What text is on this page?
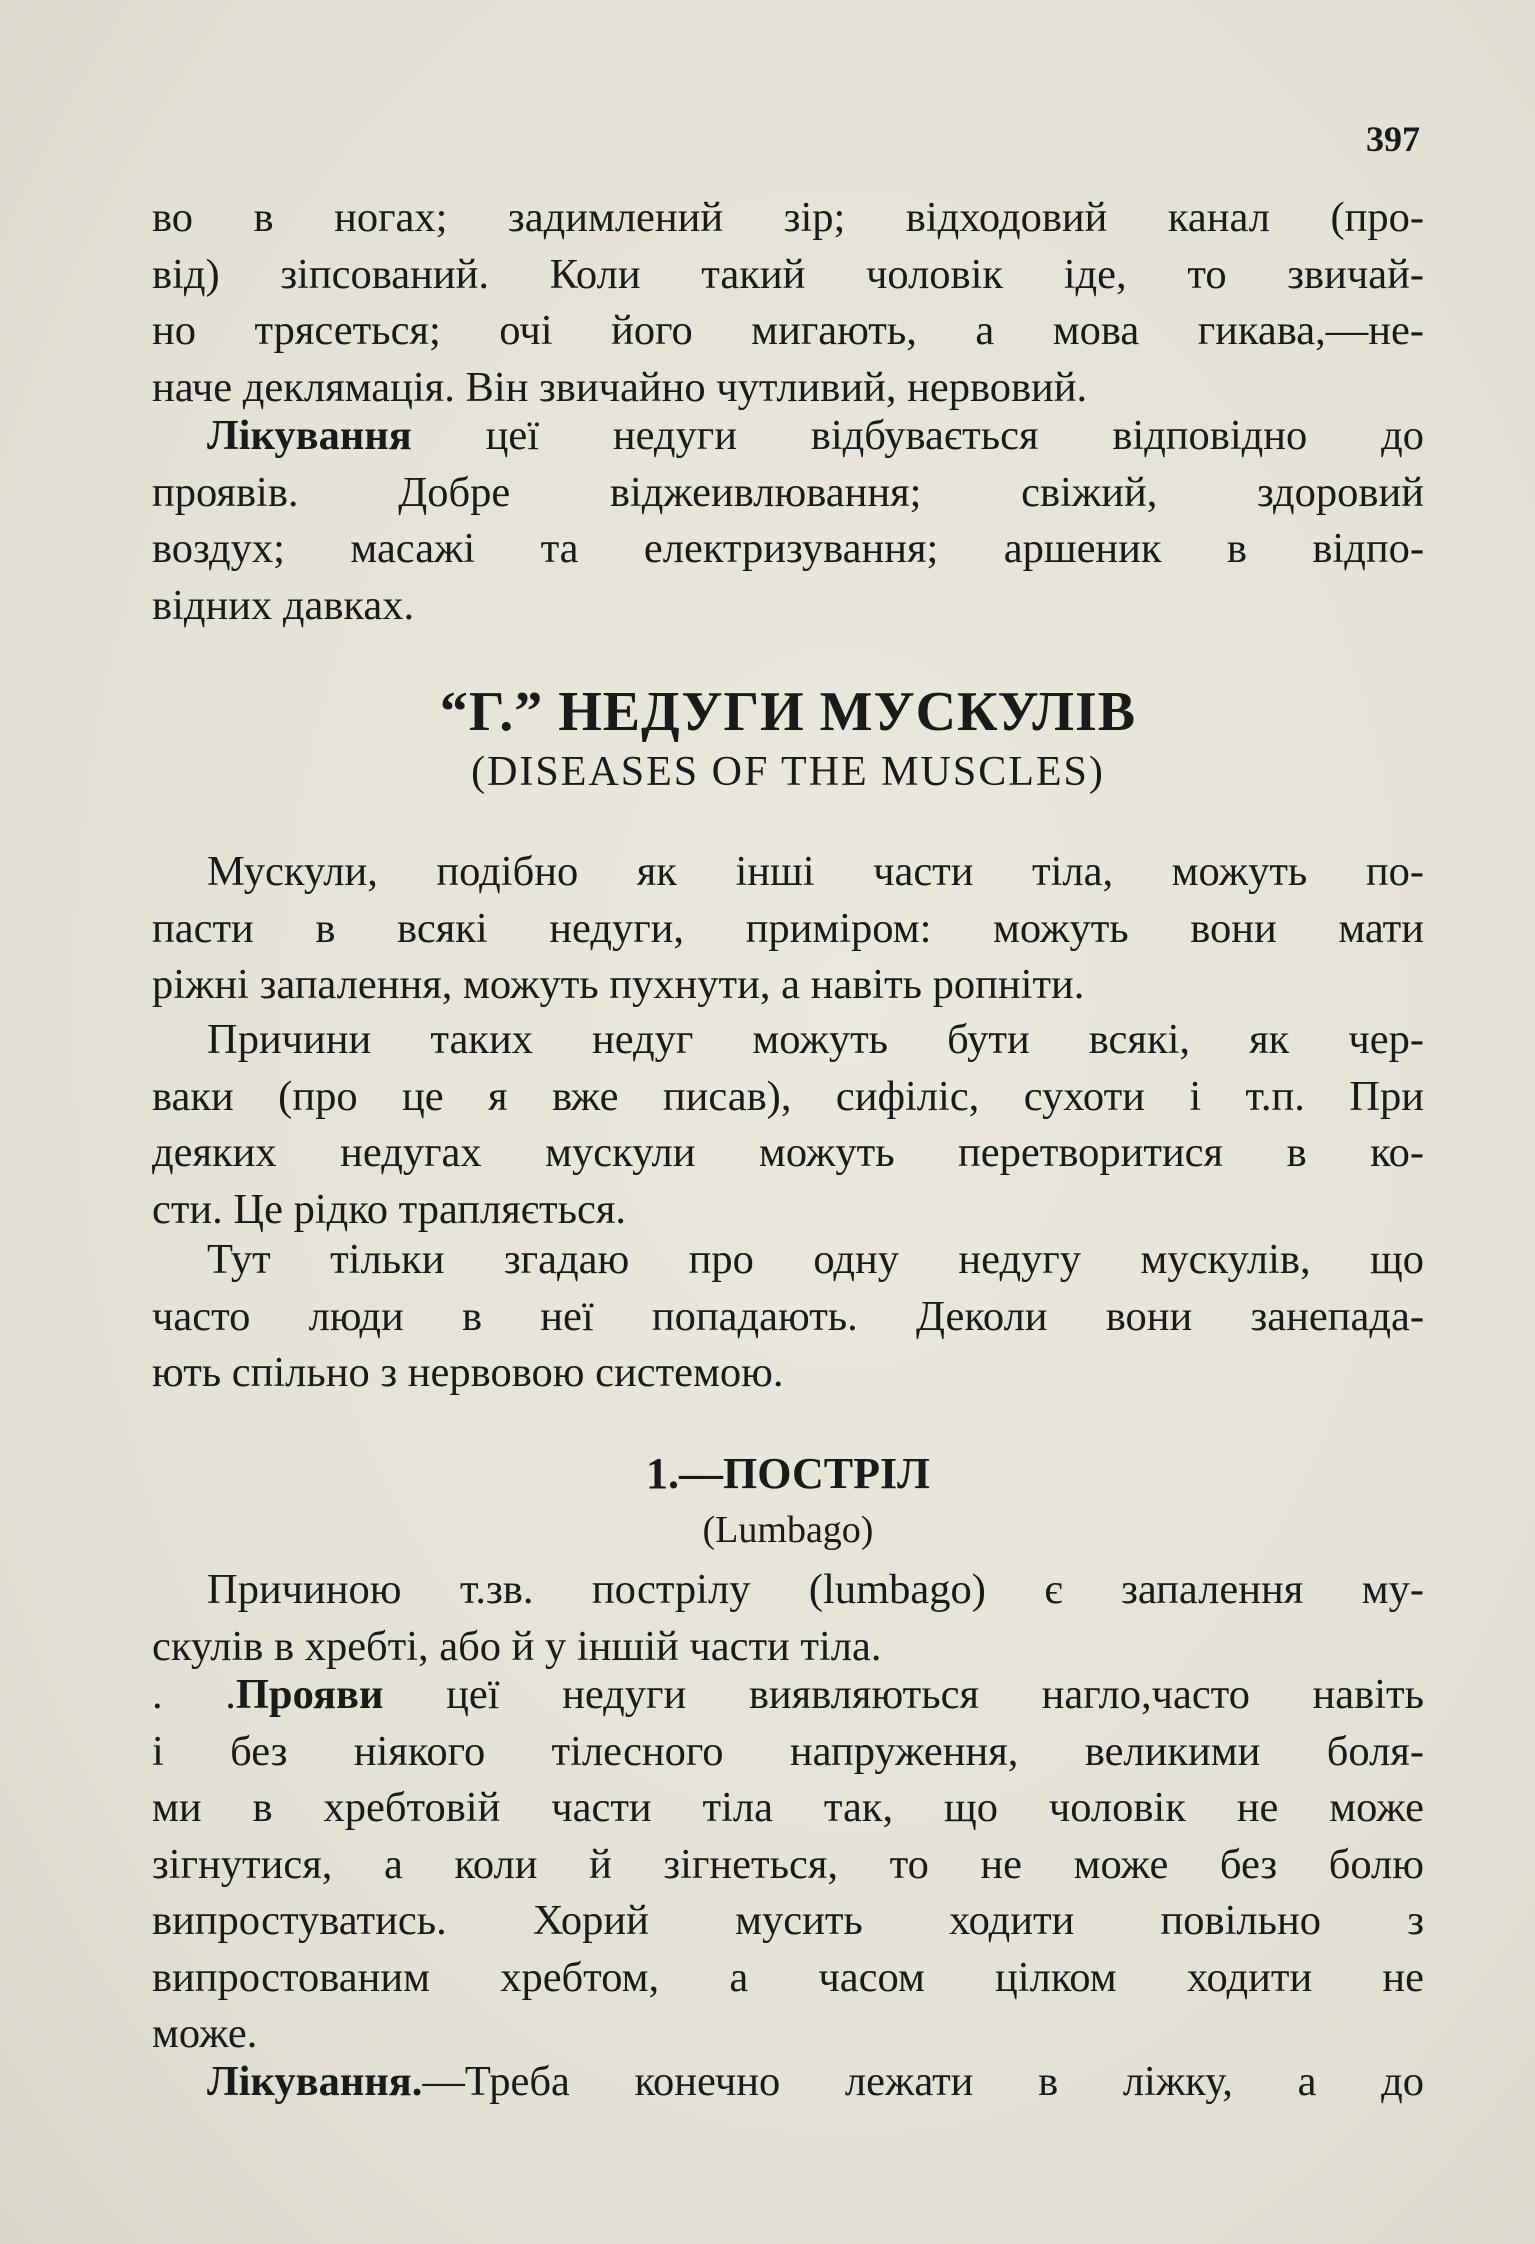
397

во в ногах; задимлений зір; відходовий канал (про-

від) зіпсований. Коли такий чоловік іде, то звичай-

но трясеться; очі його мигають, а мова гикава,—не-

наче деклямація. Він звичайно чутливий, нервовий.

Лікування цеї недуги відбувається відповідно до

проявів. Добре віджеивлювання; свіжий, здоровий

воздух; масажі та електризування; аршеник в відпо-

відних давках.

“Г.” НЕДУГИ МУСКУЛІВ
(DISEASES OF THE MUSCLES)

Мускули, подібно як інші части тіла, можуть по-

пасти в всякі недуги, приміром: можуть вони мати

ріжні запалення, можуть пухнути, а навіть ропніти.

Причини таких недуг можуть бути всякі, як чер-

ваки (про це я вже писав), сифіліс, сухоти і т.п. При

деяких недугах мускули можуть перетворитися в ко-

сти. Це рідко трапляється.

Тут тільки згадаю про одну недугу мускулів, що

часто люди в неї попадають. Деколи вони занепада-

ють спільно з нервовою системою.

1.—ПОСТРІЛ
(Lumbago)

Причиною т.зв. пострілу (lumbago) є запалення му-

скулів в хребті, або й у іншій части тіла.

. .Прояви цеї недуги виявляються нагло,часто навіть

і без ніякого тілесного напруження, великими боля-

ми в хребтовій части тіла так, що чоловік не може

зігнутися, а коли й зігнеться, то не може без болю

випростуватись. Хорий мусить ходити повільно з

випростованим хребтом, а часом цілком ходити не

може.

Лікування.—Треба конечно лежати в ліжку, а до
